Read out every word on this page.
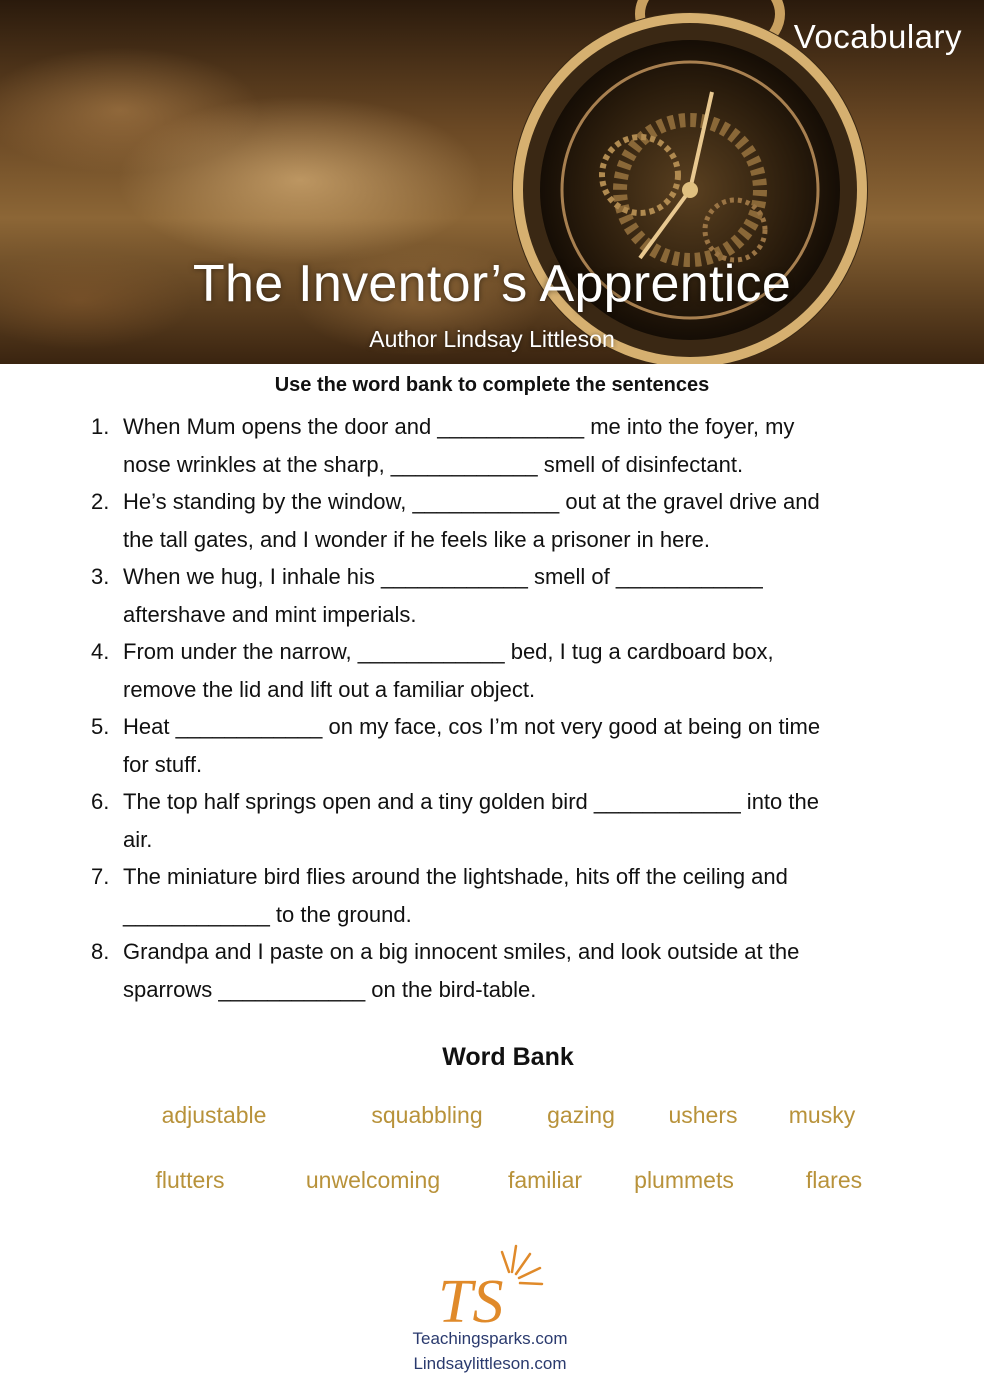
Vocabulary
The Inventor’s Apprentice
Author Lindsay Littleson
Use the word bank to complete the sentences
1. When Mum opens the door and ____________ me into the foyer, my
nose wrinkles at the sharp, ____________ smell of disinfectant.
2. He’s standing by the window, ____________ out at the gravel drive and
the tall gates, and I wonder if he feels like a prisoner in here.
3. When we hug, I inhale his ____________ smell of ____________
aftershave and mint imperials.
4. From under the narrow, ____________ bed, I tug a cardboard box,
remove the lid and lift out a familiar object.
5. Heat ____________ on my face, cos I’m not very good at being on time
for stuff.
6. The top half springs open and a tiny golden bird ____________ into the
air.
7. The miniature bird flies around the lightshade, hits off the ceiling and
____________ to the ground.
8. Grandpa and I paste on a big innocent smiles, and look outside at the
sparrows ____________ on the bird-table.
Word Bank
adjustable	squabbling	gazing ushers musky
flutters	unwelcoming	familiar plummets	flares
TS
Teachingsparks.com
Lindsaylittleson.com
